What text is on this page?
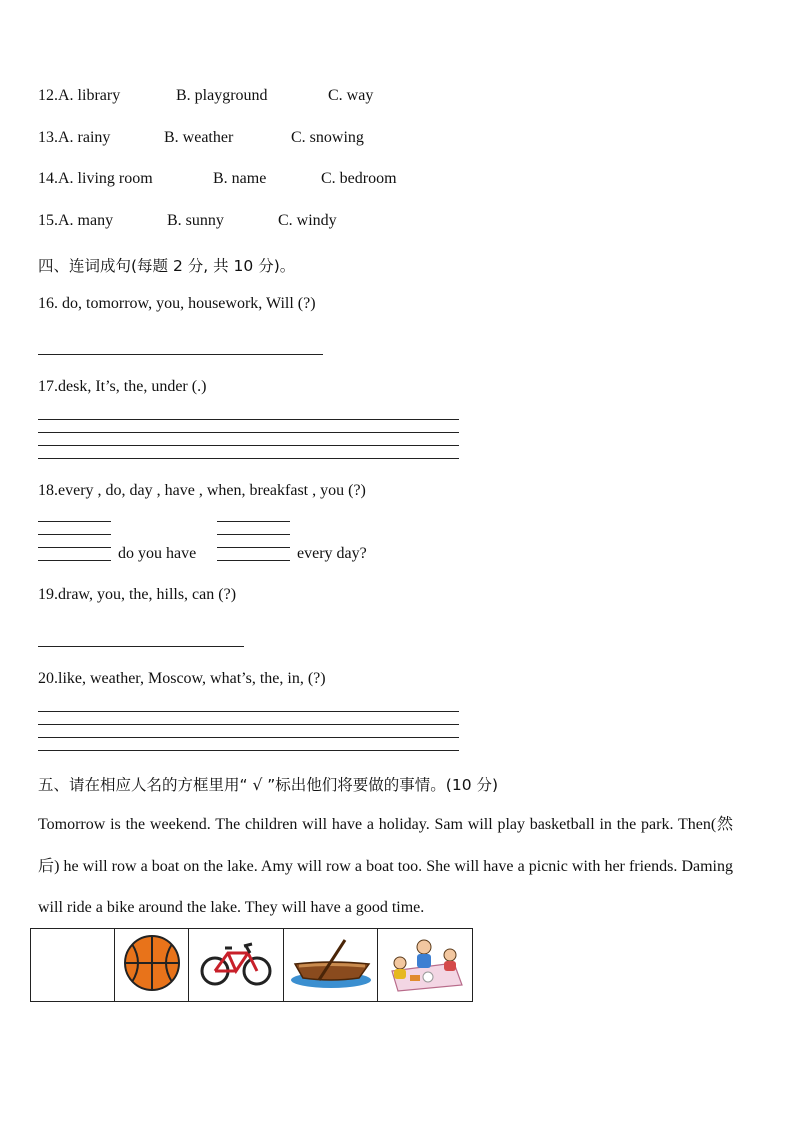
12.A. library	B. playground	C. way
13.A. rainy	B. weather	C. snowing
14.A. living room	B. name	C. bedroom
15.A. many	B. sunny	C. windy
四、连词成句(每题 2 分, 共 10 分)。
16. do, tomorrow, you, housework, Will (?)
17.desk, It’s, the, under (.)
18.every , do, day , have , when, breakfast , you (?)
do you have	every day?
19.draw, you, the, hills, can (?)
20.like, weather, Moscow, what’s, the, in, (?)
五、请在相应人名的方框里用“ √ ”标出他们将要做的事情。(10 分)
Tomorrow is the weekend. The children will have a holiday. Sam will play basketball in the park. Then(然后) he will row a boat on the lake. Amy will row a boat too. She will have a picnic with her friends. Daming will ride a bike around the lake. They will have a good time.
